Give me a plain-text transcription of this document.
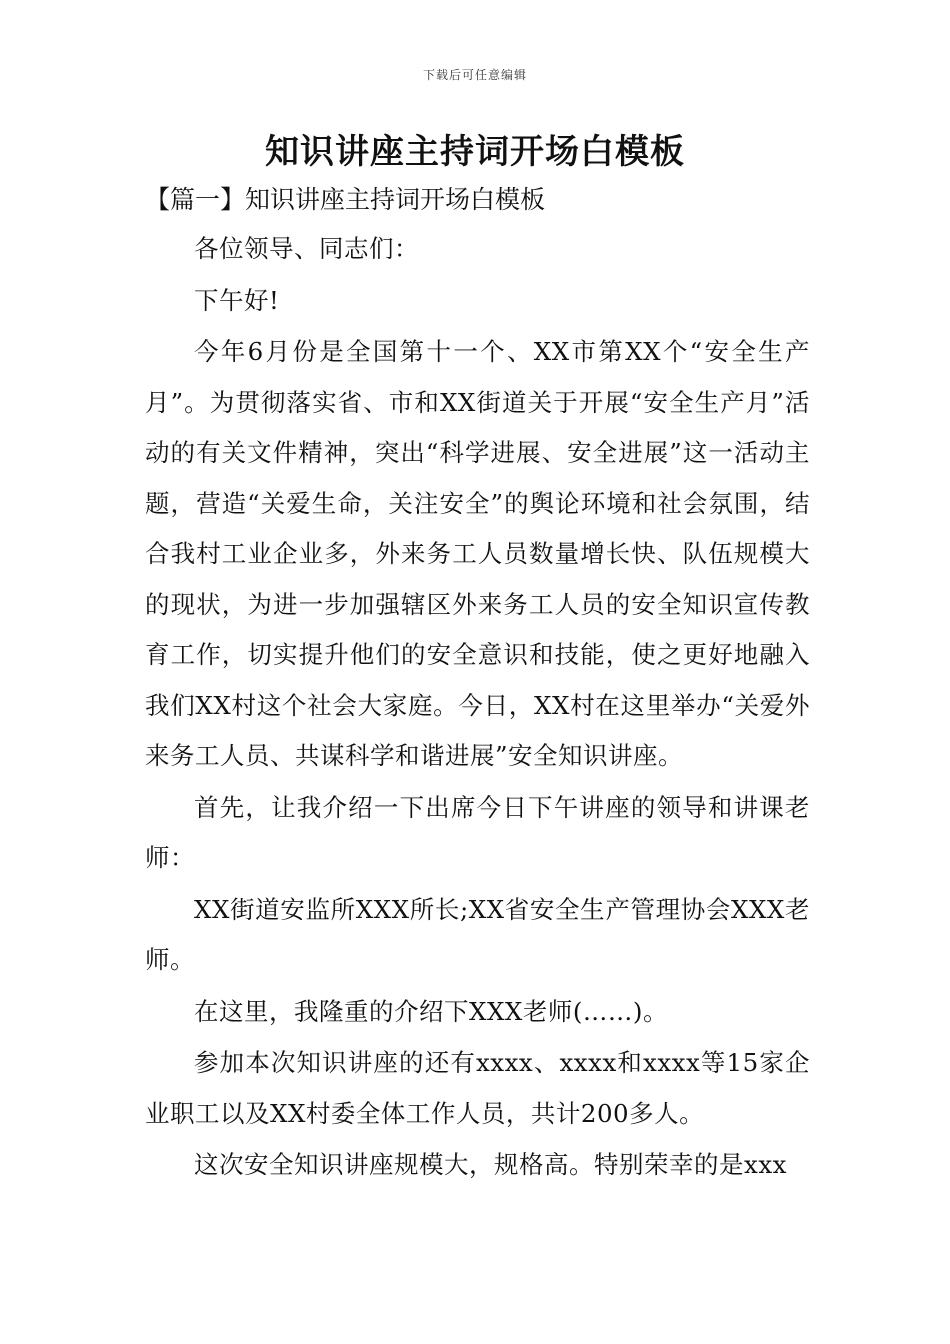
下载后可任意编辑
知识讲座主持词开场白模板
【篇一】知识讲座主持词开场白模板

各位领导、同志们：

下午好!

今年6月份是全国第十一个、XX市第XX个“安全生产月”。为贯彻落实省、市和XX街道关于开展“安全生产月”活动的有关文件精神，突出“科学进展、安全进展”这一活动主题，营造“关爱生命，关注安全”的舆论环境和社会氛围，结合我村工业企业多，外来务工人员数量增长快、队伍规模大的现状，为进一步加强辖区外来务工人员的安全知识宣传教育工作，切实提升他们的安全意识和技能，使之更好地融入我们XX村这个社会大家庭。今日，XX村在这里举办“关爱外来务工人员、共谋科学和谐进展”安全知识讲座。

首先，让我介绍一下出席今日下午讲座的领导和讲课老师：

XX街道安监所XXX所长;XX省安全生产管理协会XXX老师。

在这里，我隆重的介绍下XXX老师(……)。

参加本次知识讲座的还有xxxx、xxxx和xxxx等15家企业职工以及XX村委全体工作人员，共计200多人。

这次安全知识讲座规模大，规格高。特别荣幸的是xxx
